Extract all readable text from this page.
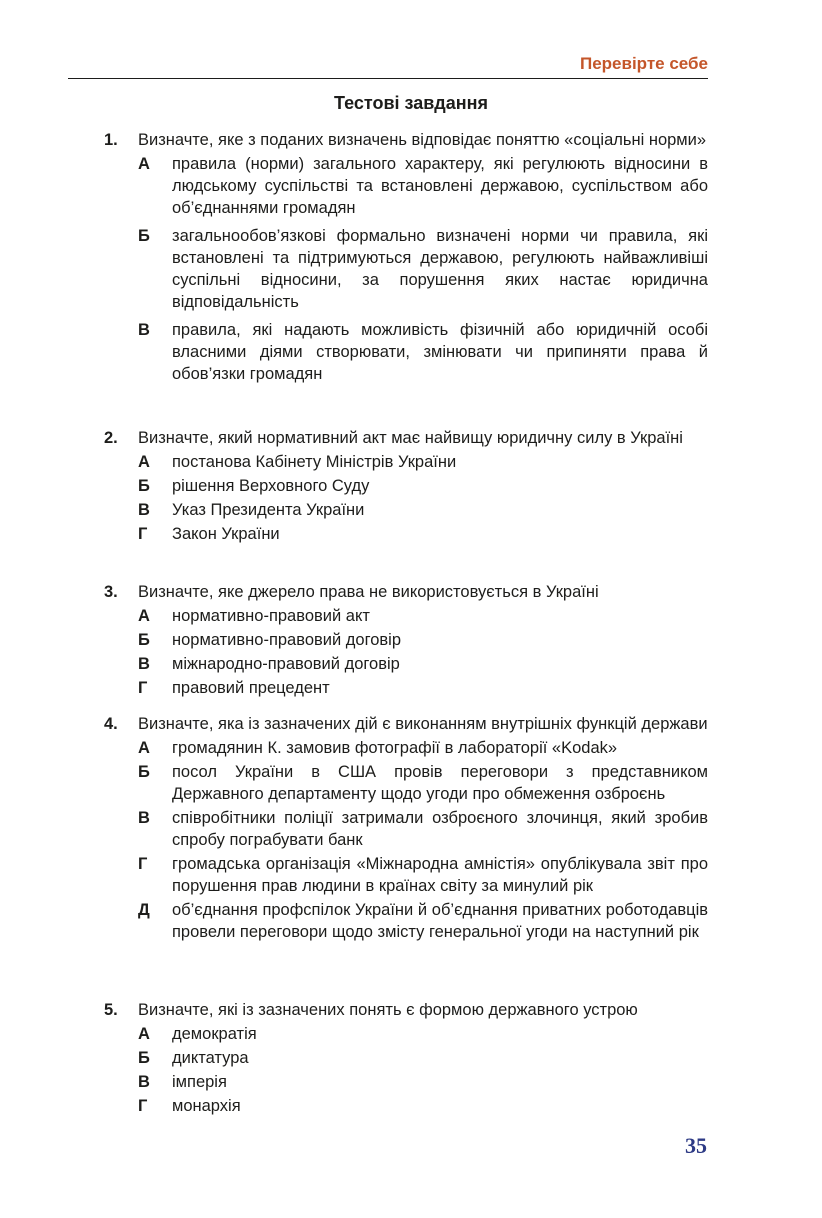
Перевірте себе
Тестові завдання
1.	Визначте, яке з поданих визначень відповідає поняттю «соціальні норми»
А	правила (норми) загального характеру, які регулюють відносини в людському суспільстві та встановлені державою, суспільством або об’єднаннями громадян
Б	загальнообов’язкові формально визначені норми чи правила, які встановлені та підтримуються державою, регулюють найважливіші суспільні відносини, за порушення яких настає юридична відповідальність
В	правила, які надають можливість фізичній або юридичній особі власними діями створювати, змінювати чи припиняти права й обов’язки громадян
2.	Визначте, який нормативний акт має найвищу юридичну силу в Україні
А	постанова Кабінету Міністрів України
Б	рішення Верховного Суду
В	Указ Президента України
Г	Закон України
3.	Визначте, яке джерело права не використовується в Україні
А	нормативно-правовий акт
Б	нормативно-правовий договір
В	міжнародно-правовий договір
Г	правовий прецедент
4.	Визначте, яка із зазначених дій є виконанням внутрішніх функцій держави
А	громадянин К. замовив фотографії в лабораторії «Kodak»
Б	посол України в США провів переговори з представником Державного департаменту щодо угоди про обмеження озброєнь
В	співробітники поліції затримали озброєного злочинця, який зробив спробу пограбувати банк
Г	громадська організація «Міжнародна амністія» опублікувала звіт про порушення прав людини в країнах світу за минулий рік
Д	об’єднання профспілок України й об’єднання приватних роботодавців провели переговори щодо змісту генеральної угоди на наступний рік
5.	Визначте, які із зазначених понять є формою державного устрою
А	демократія
Б	диктатура
В	імперія
Г	монархія
35
